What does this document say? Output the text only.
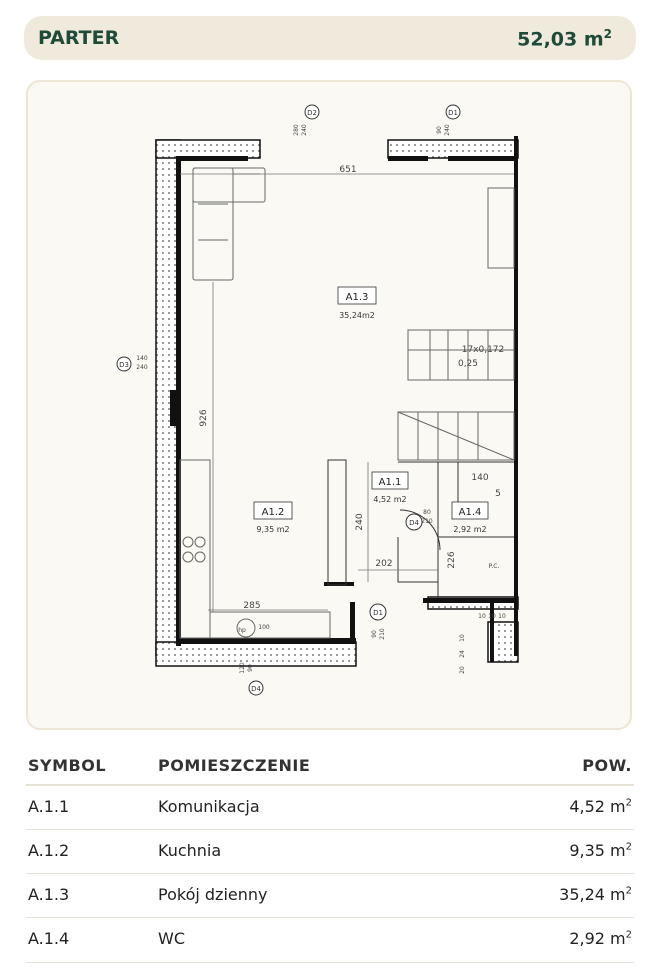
PARTER	52,03 $m^2$
D2	D1
D3
D1
D4
D4
A1.3
35,24m2
A1.2
9,35 m2
A1.1
4,52 m2
A1.4
2,92 m2
651
926
240
202
285
140
5
226
17x0,172
0,25
280 240	90 240
140
240
120 90
90 210
80
210
100
10 10 10
24
10
20
P.C.
hp
SYMBOL	POMIESZCZENIE	POW.
A.1.1	Komunikacja	4,52 $m^2$
A.1.2	Kuchnia	9,35 $m^2$
A.1.3	Pokój dzienny	35,24 $m^2$
A.1.4	WC	2,92 $m^2$
